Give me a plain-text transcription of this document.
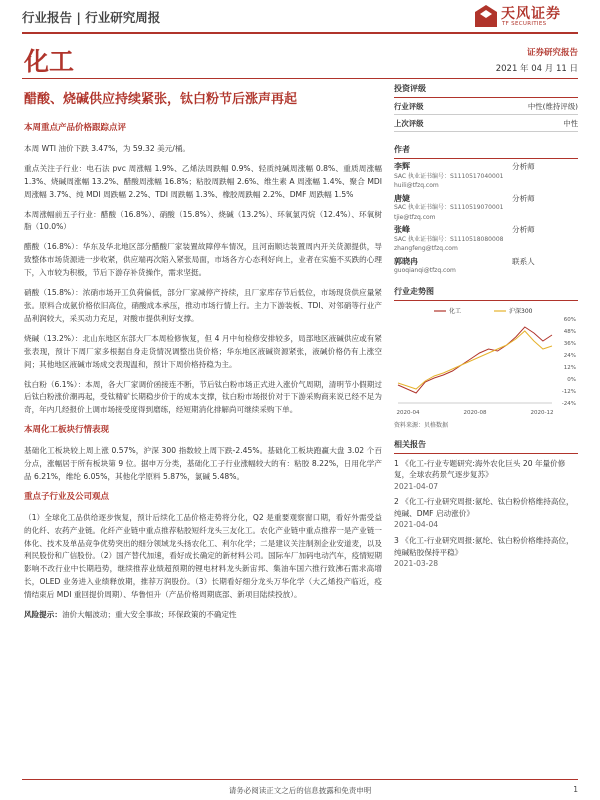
行业报告 | 行业研究周报	天风证券
TF SECURITIES
化工	证券研究报告
2021 年 04 月 11 日
醋酸、烧碱供应持续紧张，钛白粉节后涨声再起
本周重点产品价格跟踪点评

本周 WTI 油价下跌 3.47%，为 59.32 美元/桶。

重点关注子行业：电石法 pvc 周涨幅 1.9%、乙烯法周跌幅 0.9%、轻质纯碱周涨幅 0.8%、重质周涨幅 1.3%、烧碱周涨幅 13.2%、醋酸周涨幅 16.8%；粘胶周跌幅 2.6%、维生素 A 周涨幅 1.4%、聚合 MDI 周涨幅 3.7%、纯 MDI 周跌幅 2.2%、TDI 周跌幅 1.3%、橡胶周跌幅 2.2%、DMF 周跌幅 1.5%

本周涨幅前五子行业：醋酸（16.8%）、硝酸（15.8%）、烧碱（13.2%）、环氧氯丙烷（12.4%）、环氧树脂（10.0%）

醋酸（16.8%）：华东及华北地区部分醋酸厂家装置故障停车情况，且河南顺达装置周内开关货源提供，导致整体市场货源进一步收紧，供应端再次陷入紧张局面，市场各方心态利好向上，业者在实施不买跌的心理下，入市较为积极，节后下游存补货操作，需求坚挺。

硝酸（15.8%）：浓硝市场开工负荷偏低，部分厂家减停产持续，且厂家库存节后低位，市场现货供应量紧张。原料合成氨价格依旧高位，硝酸成本承压，推动市场行情上行。主力下游装板、TDI、对邻硝等行业产品利润较大，采买动力充足，对酸市提供利好支撑。

烧碱（13.2%）：北山东地区东部大厂本周检修恢复，但 4 月中旬检修安排较多，局部地区液碱供应或有紧张表现，预计下周厂家多根据自身走货情况调整出货价格；华东地区液碱资源紧张，液碱价格仍有上涨空间；其他地区液碱市场成交表现温和，预计下周价格持稳为主。

钛白粉（6.1%）：本周，各大厂家调价函接连不断，节后钛白粉市场正式进入涨价气周期，清明节小假期过后钛白粉涨价潮再起，受钛精矿长期稳步价于的成本支撑，钛白粉市场报价对于下游采购商来说已经不足为奇，年内几经报价上调市场接受度得到磨练，经短期消化排解尚可继续采购下单。

本周化工板块行情表现

基础化工板块较上周上涨 0.57%，沪深 300 指数较上周下跌-2.45%。基础化工板块跑赢大盘 3.02 个百分点，涨幅居于所有板块第 9 位。据申万分类，基础化工子行业涨幅较大的有：粘胶 8.22%，日用化学产品 6.21%，维纶 6.05%，其他化学原料 5.87%，氯碱 5.48%。

重点子行业及公司观点

（1）全球化工品供给逐步恢复，预计后续化工品价格走势将分化，Q2 是重要观察窗口期，看好外需受益的化纤、农药产业链。化纤产业链中重点推荐粘胶短纤龙头三友化工。农化产业链中重点推荐一是产业链一体化、技术及单品竞争优势突出的细分领域龙头扬农化工、利尔化学；二是建议关注制剂企业安道麦，以及利民股份和广信股份。（2）国产替代加速，看好成长确定的新材料公司。国际车厂加码电动汽车，疫情短期影响不改行业中长期趋势，继续推荐业绩超预期的锂电材料龙头新宙邦、集油车国六推行致沸石需求高增长，OLED 业务进入业绩释放期，推荐万润股份。（3）长期看好细分龙头万华化学（大乙烯投产临近，疫情结束后 MDI 重回提价周期）、华鲁恒升（产品价格周期底部、新项目陆续投放）。

风险提示：油价大幅波动；重大安全事故；环保政策的不确定性

投资评级
行业评级	中性(维持评级)
上次评级	中性
作者
李辉	分析师
SAC 执业证书编号：S1110517040001
huili@tfzq.com
唐婕	分析师
SAC 执业证书编号：S1110519070001
tjie@tfzq.com
张峰	分析师
SAC 执业证书编号：S1110518080008
zhangfeng@tfzq.com
郭晓冉	联系人
guoqianqi@tfzq.com
行业走势图
60%
48%
36%
24%
12%
0%
-12%
-24%
2020-04	2020-08	2020-12
化工	沪深300
资料来源：贝格数据
相关报告
1 《化工-行业专题研究:海外农化巨头 20 年量价修复，全球农药景气逐步复苏》
2021-04-07
2 《化工-行业研究周报:氨纶、钛白粉价格维持高位，纯碱、DMF 启动涨价》
2021-04-04
3 《化工-行业研究周报:氨纶、钛白粉价格维持高位，纯碱粘胶保持平稳》
2021-03-28
请务必阅读正文之后的信息披露和免责申明	1
